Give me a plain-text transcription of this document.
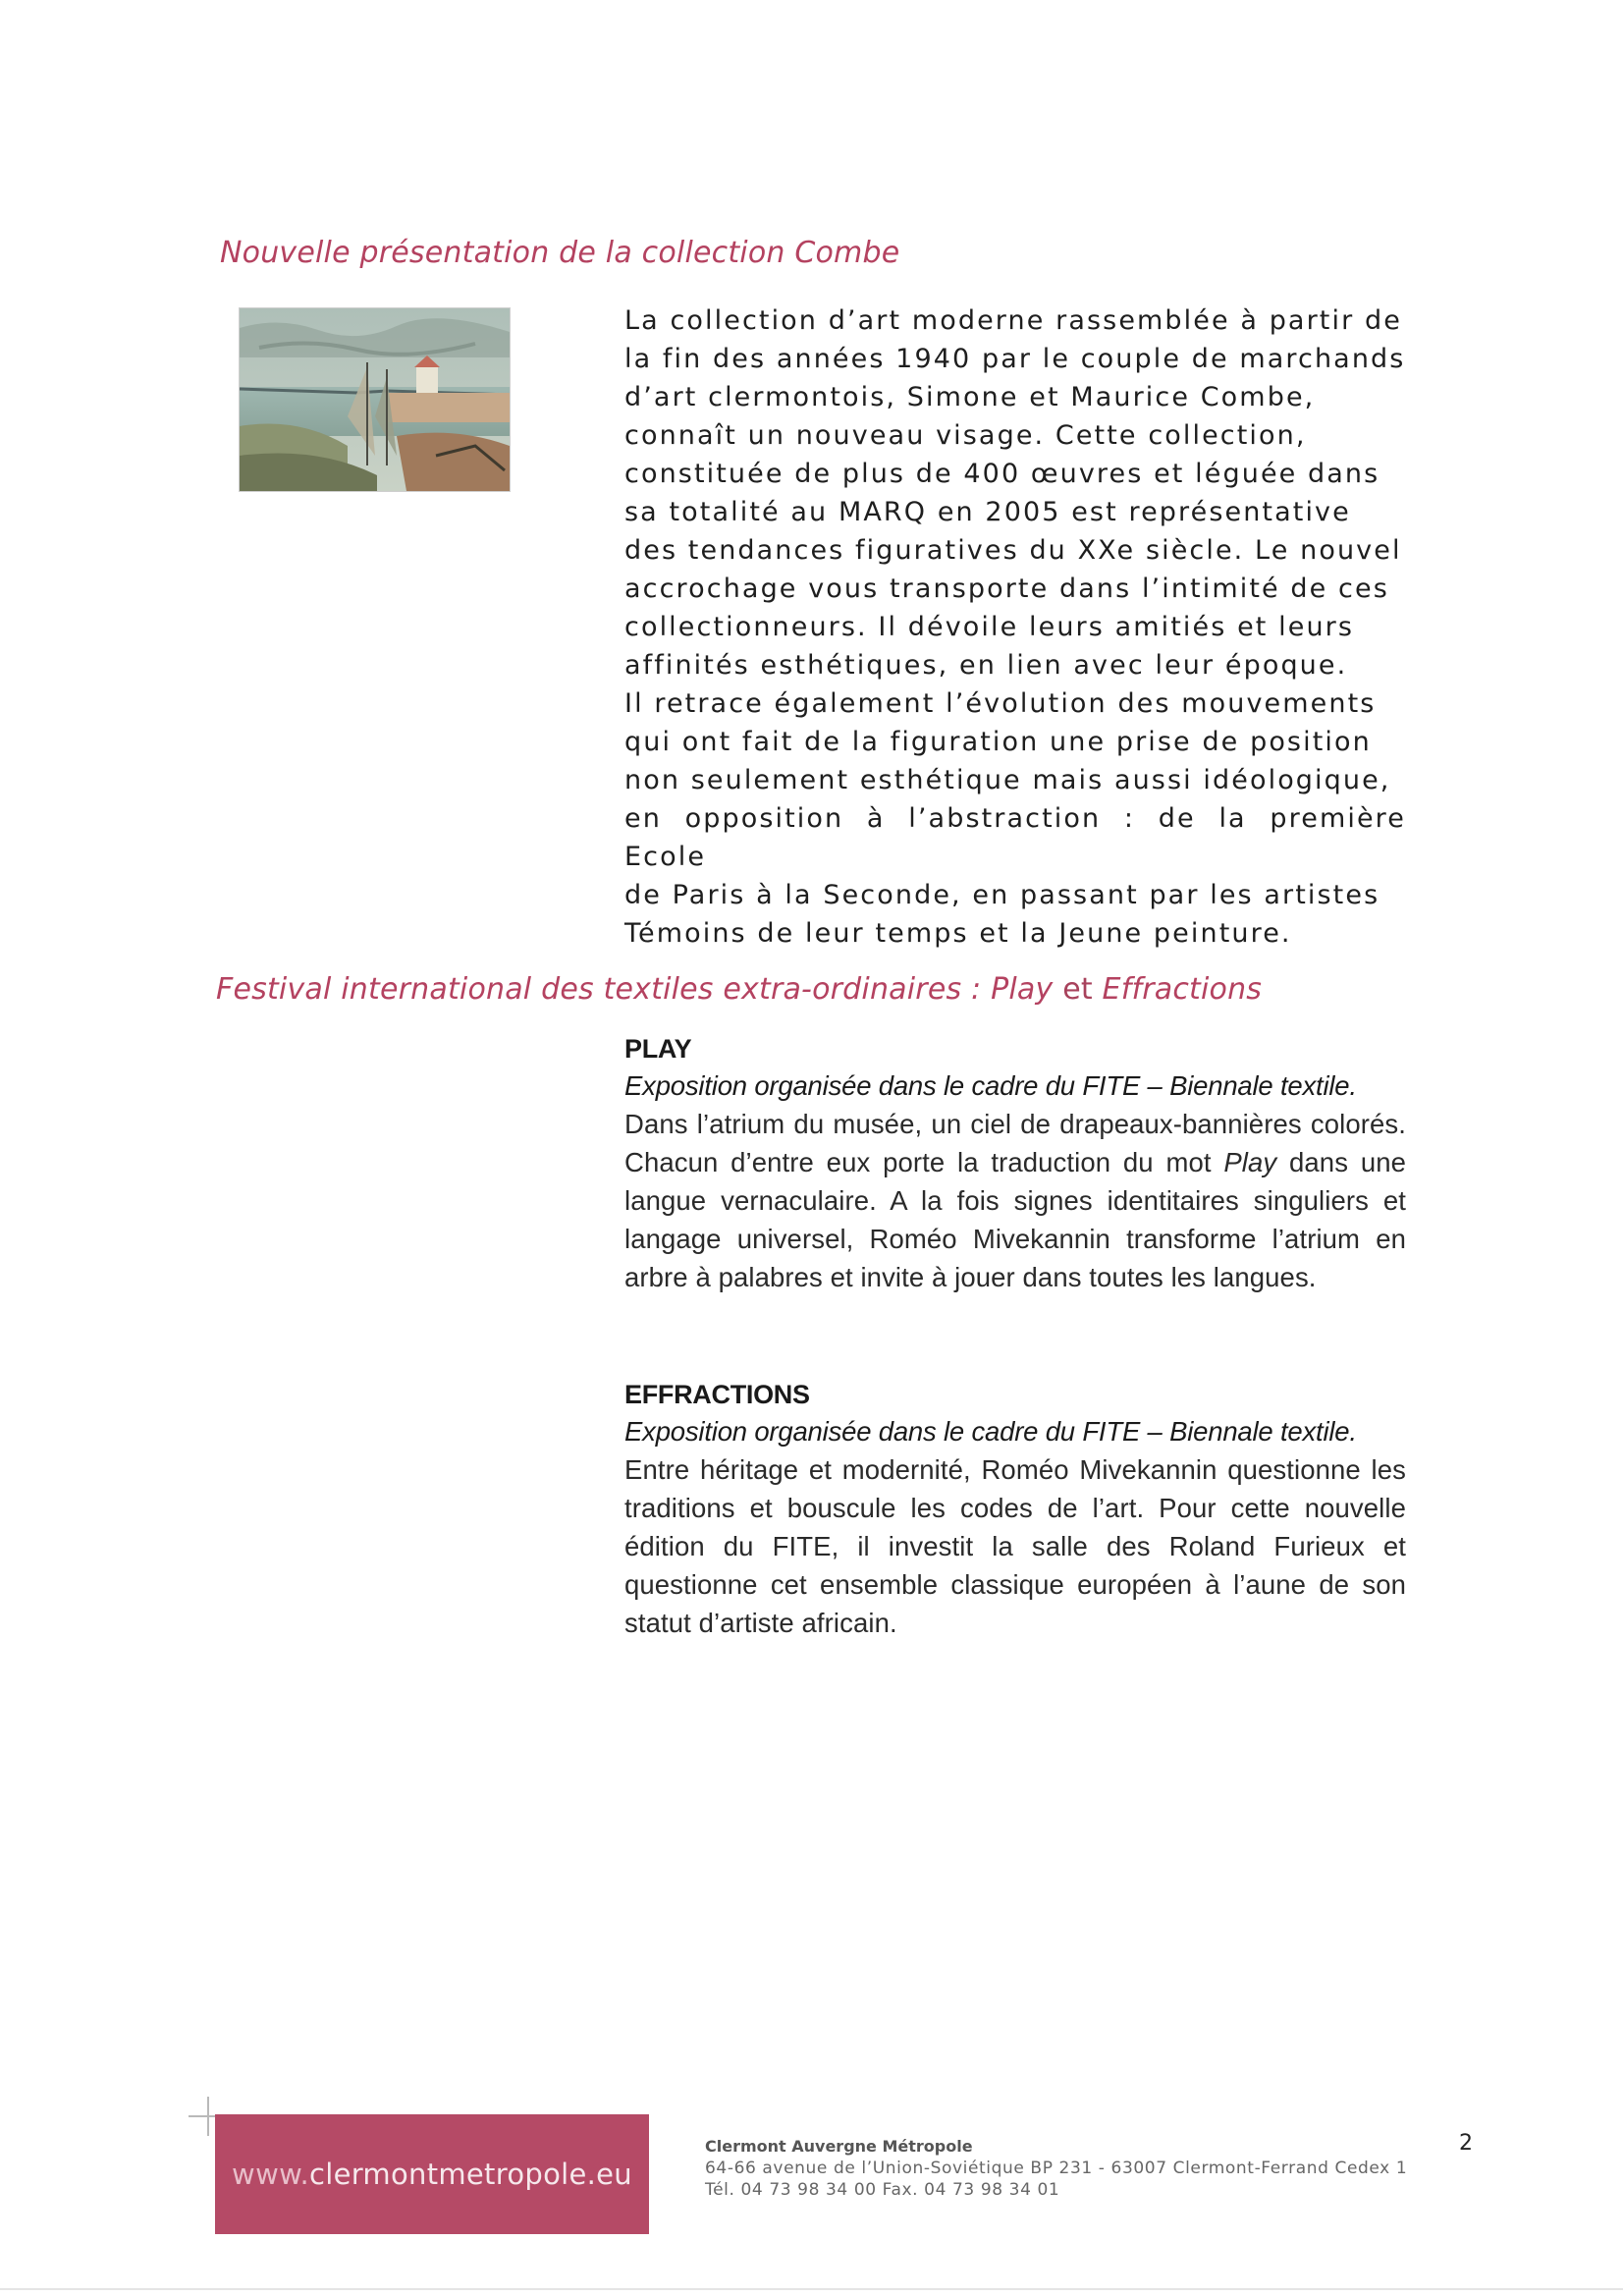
Nouvelle présentation de la collection Combe
La collection d’art moderne rassemblée à partir de
la fin des années 1940 par le couple de marchands
d’art clermontois, Simone et Maurice Combe,
connaît un nouveau visage. Cette collection,
constituée de plus de 400 œuvres et léguée dans
sa totalité au MARQ en 2005 est représentative
des tendances figuratives du XXe siècle. Le nouvel
accrochage vous transporte dans l’intimité de ces
collectionneurs. Il dévoile leurs amitiés et leurs
affinités esthétiques, en lien avec leur époque.
Il retrace également l’évolution des mouvements
qui ont fait de la figuration une prise de position
non seulement esthétique mais aussi idéologique,
en opposition à l’abstraction : de la première Ecole
de Paris à la Seconde, en passant par les artistes
Témoins de leur temps et la Jeune peinture.
Festival international des textiles extra-ordinaires : Play et Effractions
PLAY
Exposition organisée dans le cadre du FITE – Biennale textile.
Dans l’atrium du musée, un ciel de drapeaux-bannières colorés. Chacun d’entre eux porte la traduction du mot Play dans une langue vernaculaire. A la fois signes identitaires singuliers et langage universel, Roméo Mivekannin transforme l’atrium en arbre à palabres et invite à jouer dans toutes les langues.
EFFRACTIONS
Exposition organisée dans le cadre du FITE – Biennale textile.
Entre héritage et modernité, Roméo Mivekannin questionne les traditions et bouscule les codes de l’art. Pour cette nouvelle édition du FITE, il investit la salle des Roland Furieux et questionne cet ensemble classique européen à l’aune de son statut d’artiste africain.
www. clermontmetropole.eu
Clermont Auvergne Métropole
64-66 avenue de l’Union-Soviétique BP 231 - 63007 Clermont-Ferrand Cedex 1
Tél. 04 73 98 34 00 Fax. 04 73 98 34 01
2
